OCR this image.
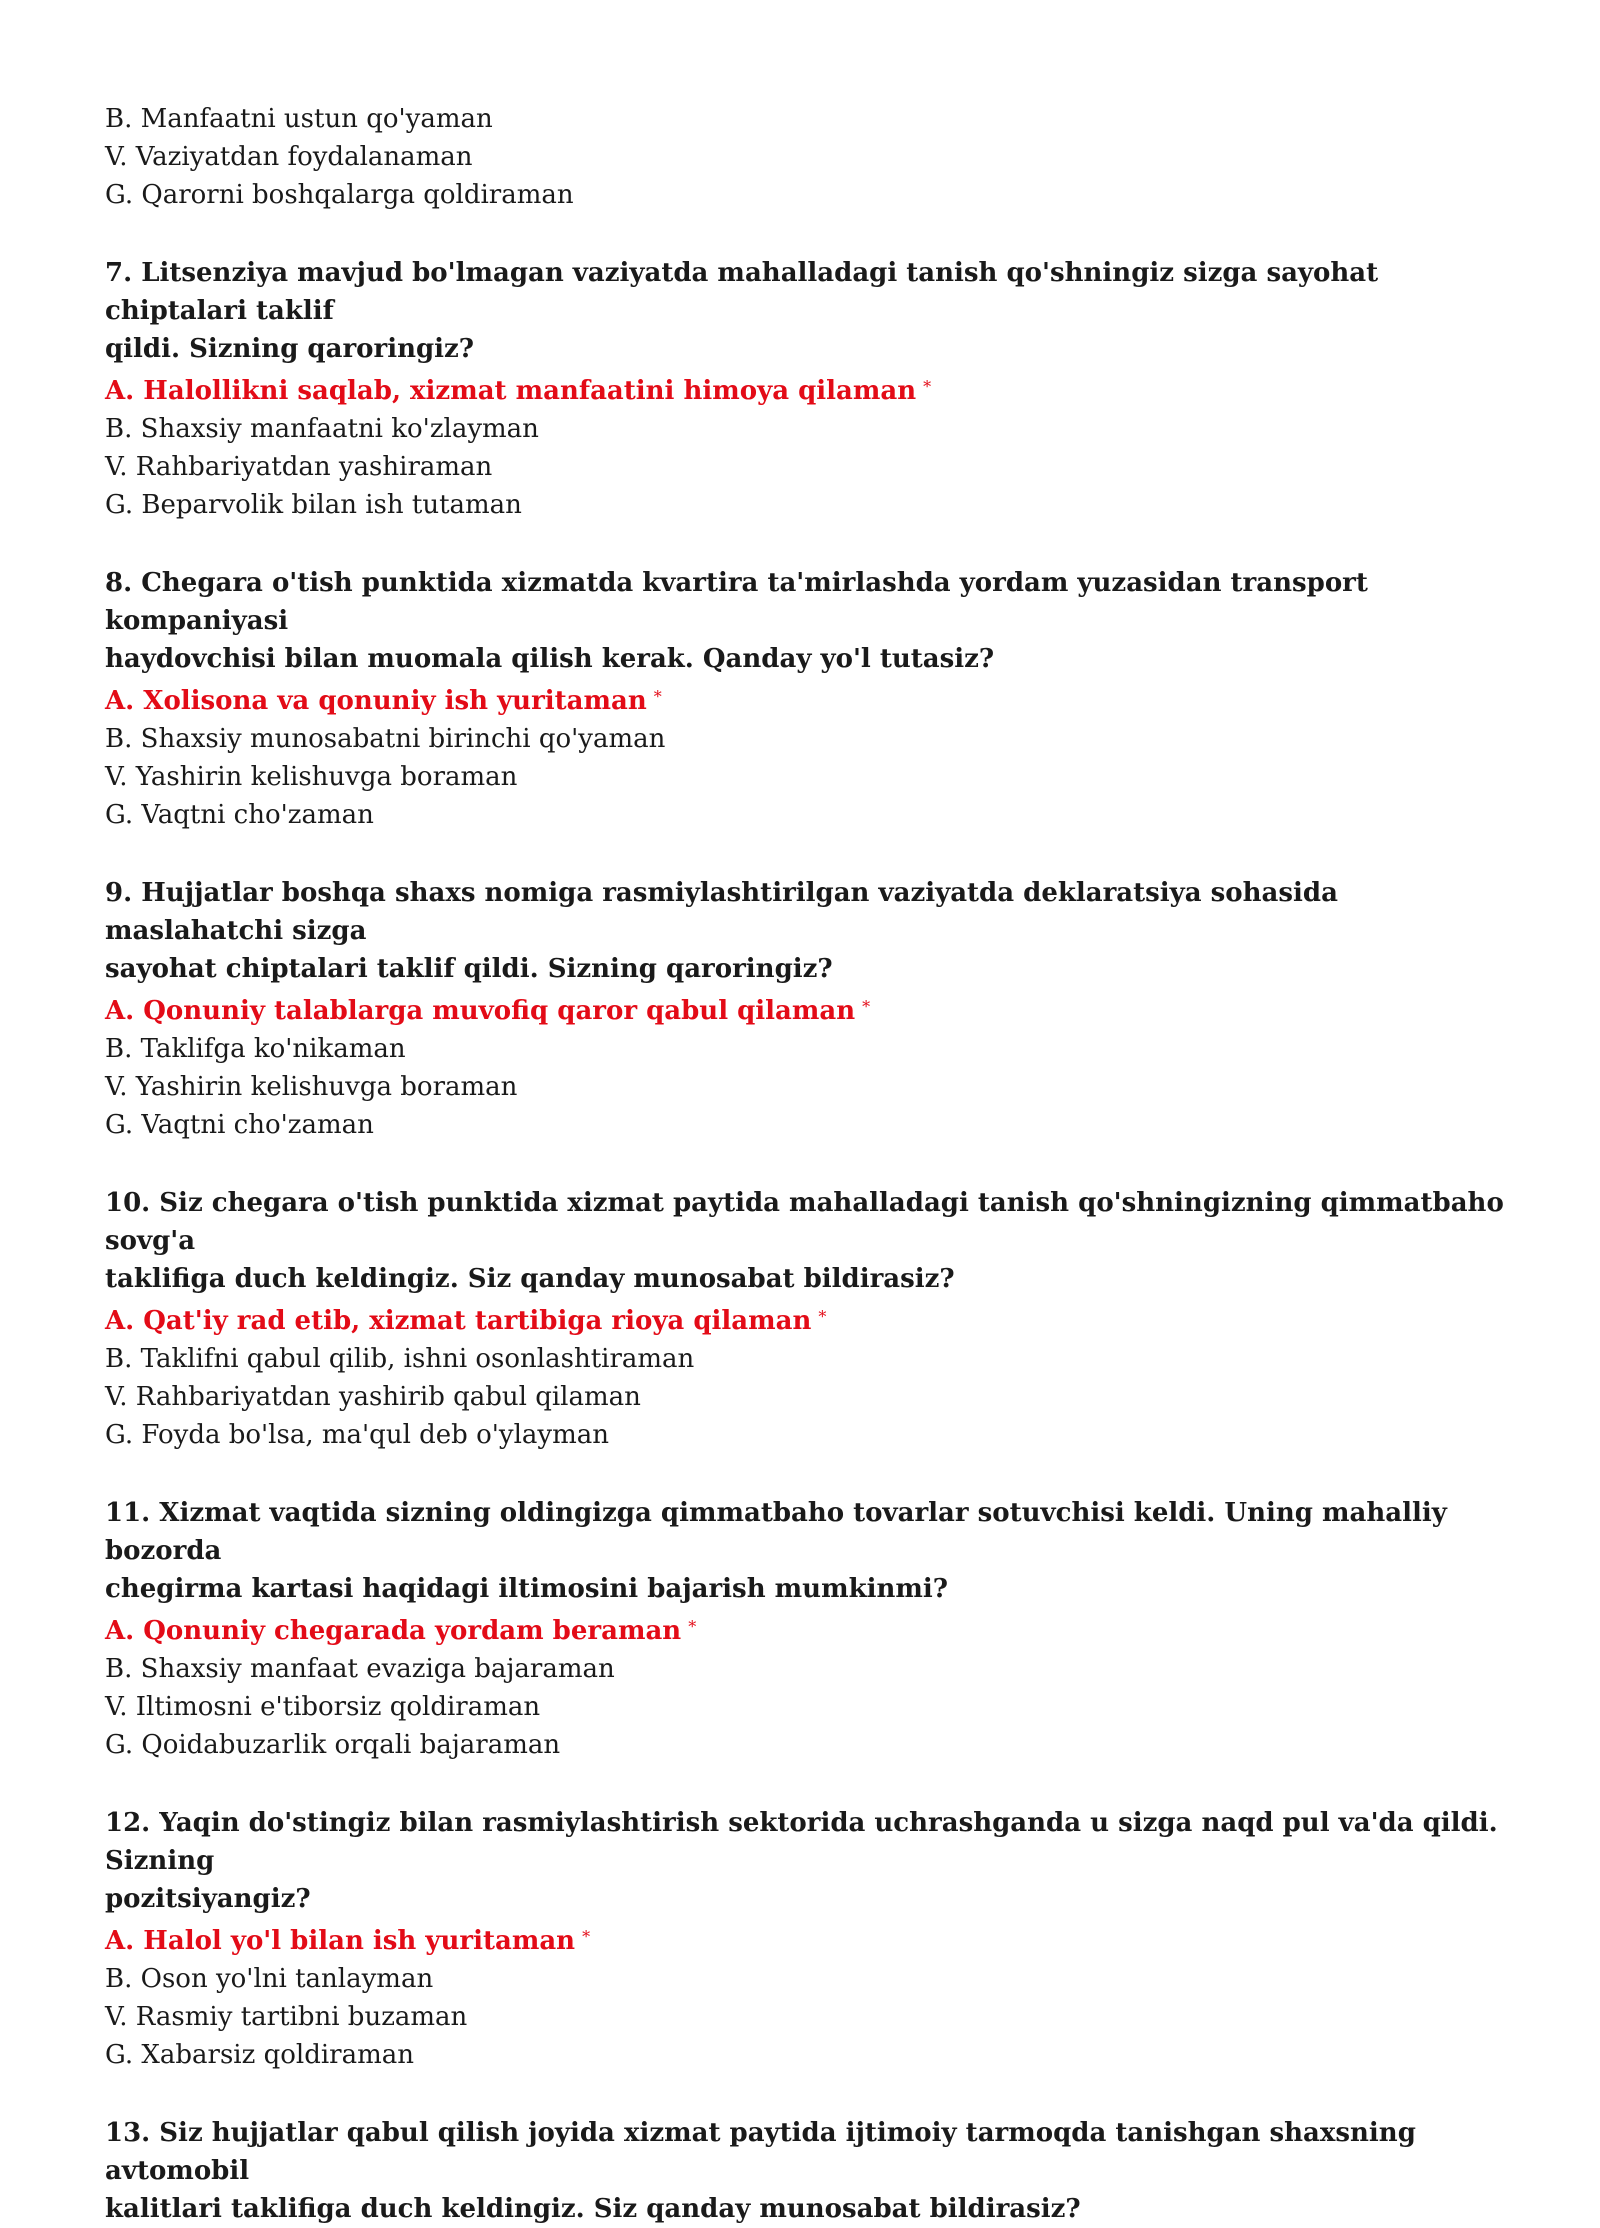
B. Manfaatni ustun qo'yaman

V. Vaziyatdan foydalanaman

G. Qarorni boshqalarga qoldiraman

7. Litsenziya mavjud bo'lmagan vaziyatda mahalladagi tanish qo'shningiz sizga sayohat chiptalari taklif
qildi. Sizning qaroringiz?

A. Halollikni saqlab, xizmat manfaatini himoya qilaman *

B. Shaxsiy manfaatni ko'zlayman

V. Rahbariyatdan yashiraman

G. Beparvolik bilan ish tutaman

8. Chegara o'tish punktida xizmatda kvartira ta'mirlashda yordam yuzasidan transport kompaniyasi
haydovchisi bilan muomala qilish kerak. Qanday yo'l tutasiz?

A. Xolisona va qonuniy ish yuritaman *

B. Shaxsiy munosabatni birinchi qo'yaman

V. Yashirin kelishuvga boraman

G. Vaqtni cho'zaman

9. Hujjatlar boshqa shaxs nomiga rasmiylashtirilgan vaziyatda deklaratsiya sohasida maslahatchi sizga
sayohat chiptalari taklif qildi. Sizning qaroringiz?

A. Qonuniy talablarga muvofiq qaror qabul qilaman *

B. Taklifga ko'nikaman

V. Yashirin kelishuvga boraman

G. Vaqtni cho'zaman

10. Siz chegara o'tish punktida xizmat paytida mahalladagi tanish qo'shningizning qimmatbaho sovg'a
taklifiga duch keldingiz. Siz qanday munosabat bildirasiz?

A. Qat'iy rad etib, xizmat tartibiga rioya qilaman *

B. Taklifni qabul qilib, ishni osonlashtiraman

V. Rahbariyatdan yashirib qabul qilaman

G. Foyda bo'lsa, ma'qul deb o'ylayman

11. Xizmat vaqtida sizning oldingizga qimmatbaho tovarlar sotuvchisi keldi. Uning mahalliy bozorda
chegirma kartasi haqidagi iltimosini bajarish mumkinmi?

A. Qonuniy chegarada yordam beraman *

B. Shaxsiy manfaat evaziga bajaraman

V. Iltimosni e'tiborsiz qoldiraman

G. Qoidabuzarlik orqali bajaraman

12. Yaqin do'stingiz bilan rasmiylashtirish sektorida uchrashganda u sizga naqd pul va'da qildi. Sizning
pozitsiyangiz?

A. Halol yo'l bilan ish yuritaman *

B. Oson yo'lni tanlayman

V. Rasmiy tartibni buzaman

G. Xabarsiz qoldiraman

13. Siz hujjatlar qabul qilish joyida xizmat paytida ijtimoiy tarmoqda tanishgan shaxsning avtomobil
kalitlari taklifiga duch keldingiz. Siz qanday munosabat bildirasiz?
